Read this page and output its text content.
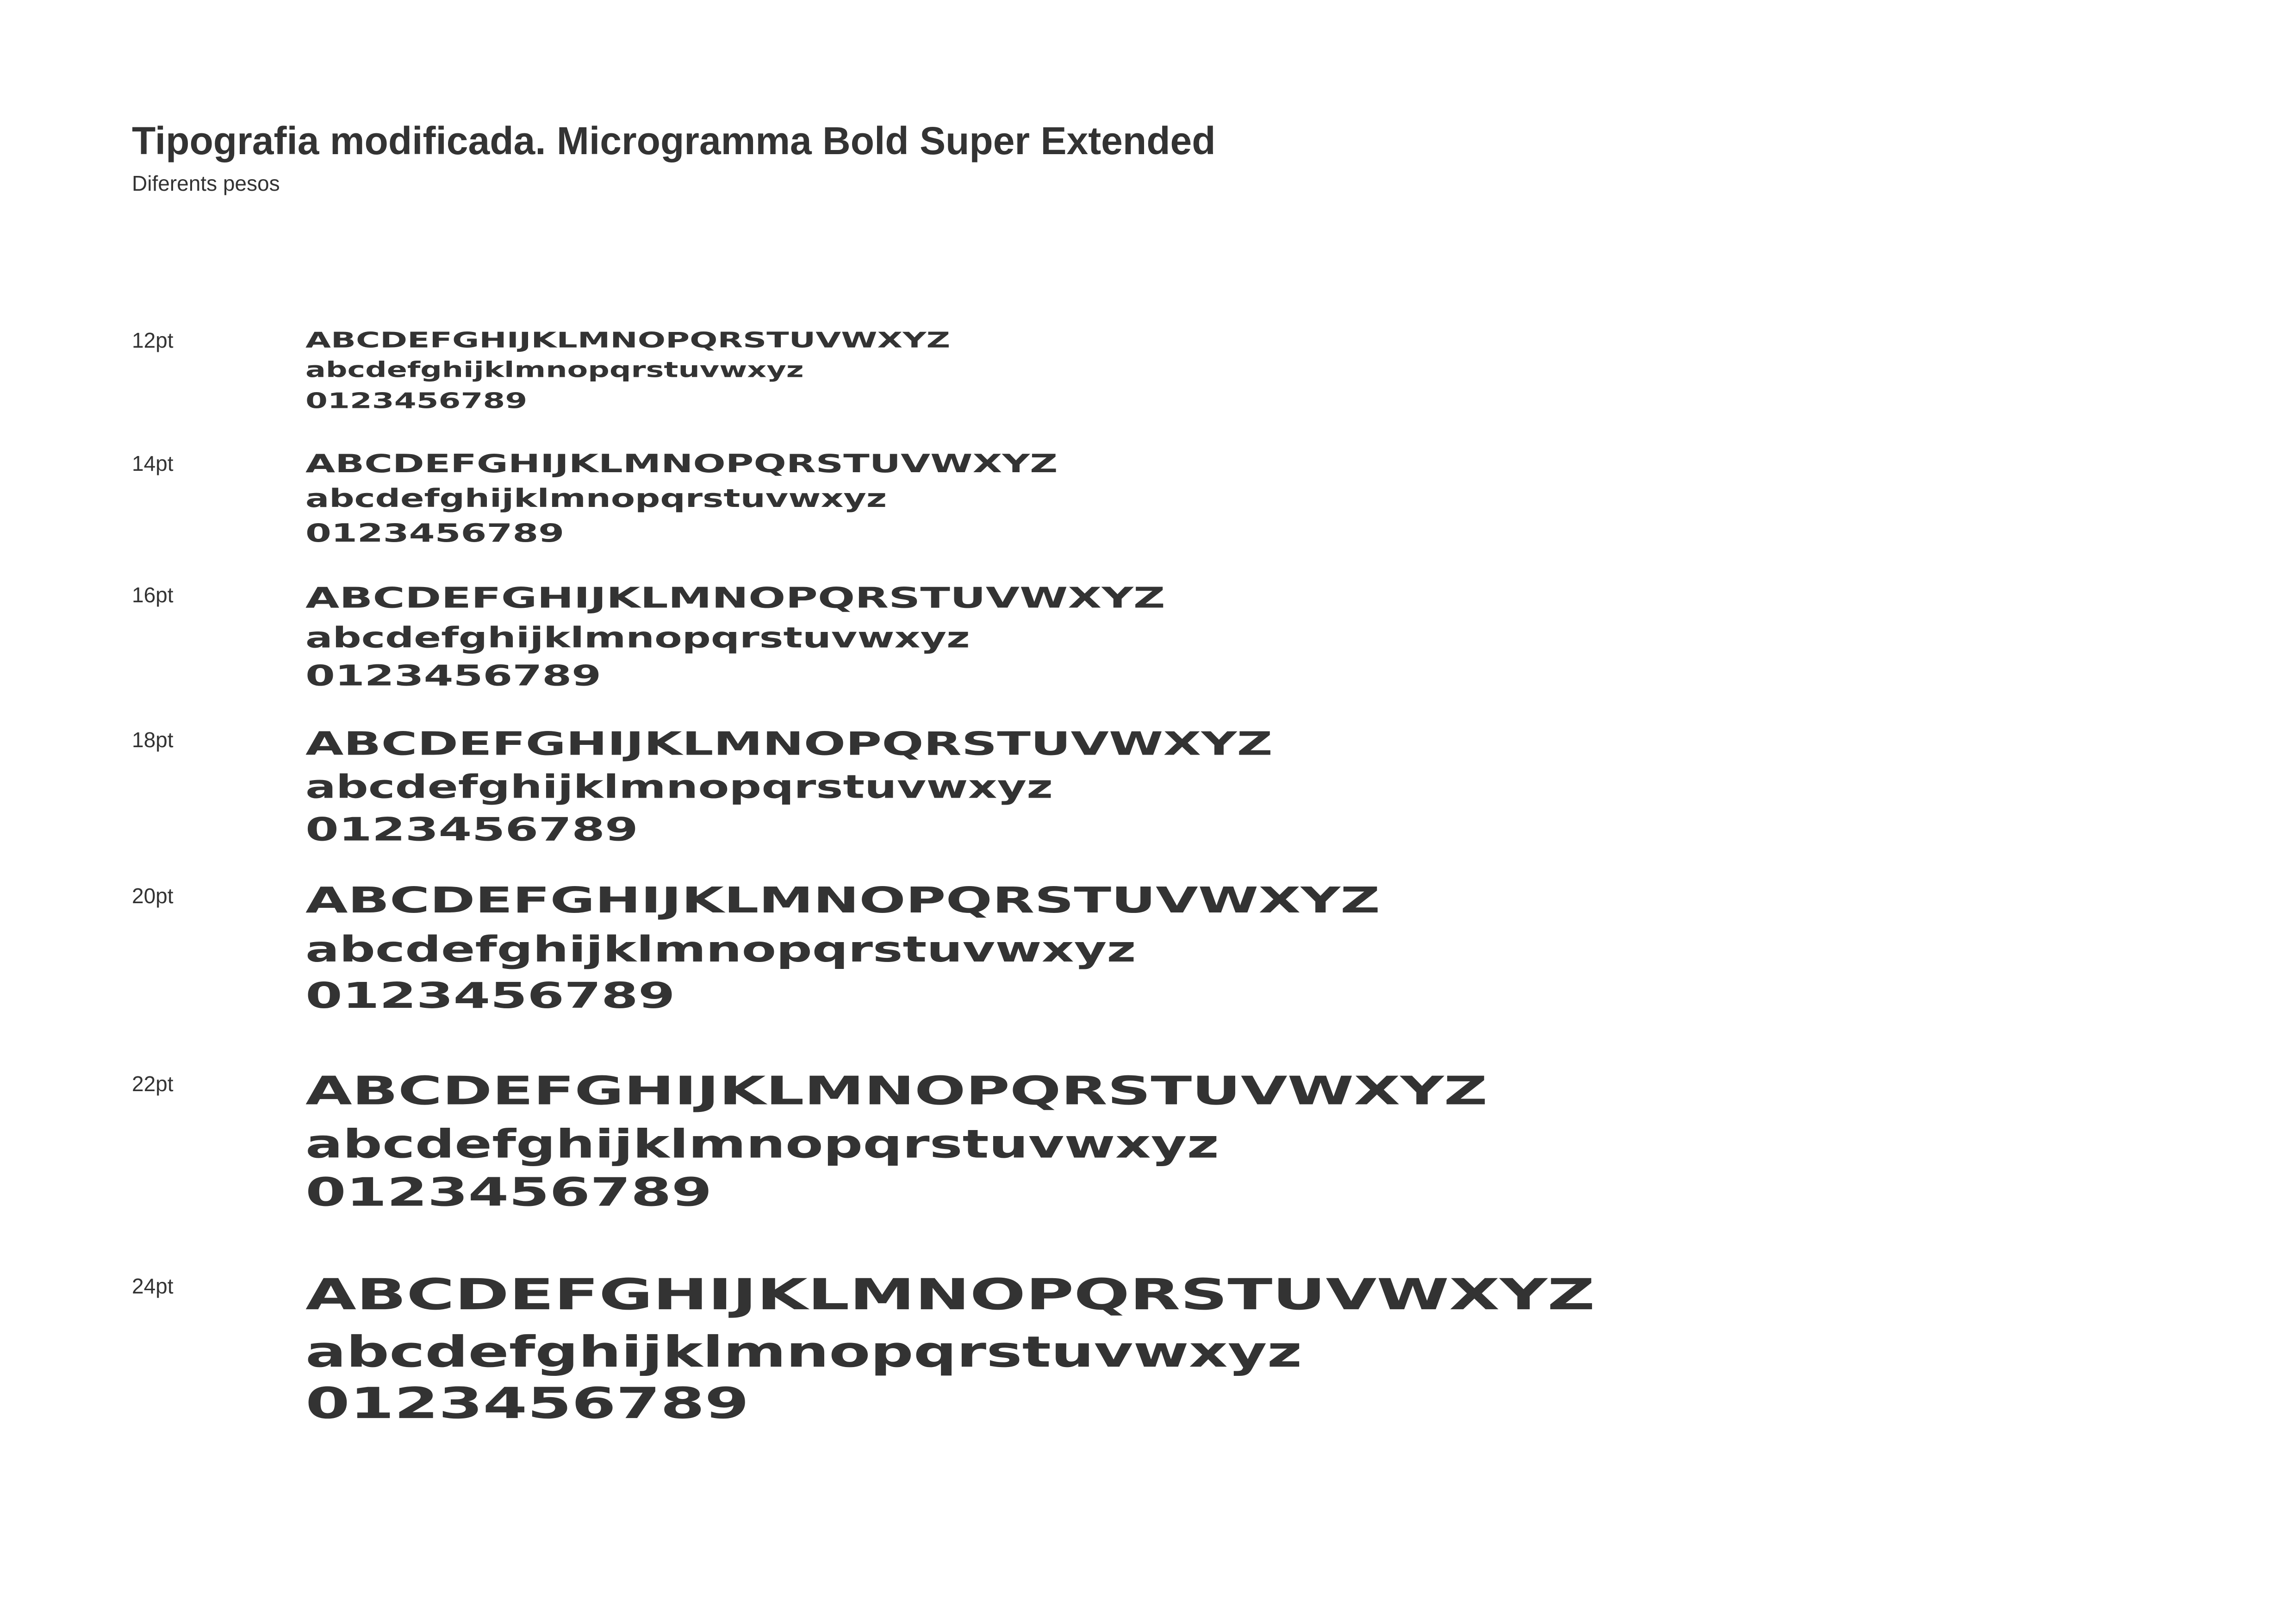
Tipografia modificada. Microgramma Bold Super Extended

Diferents pesos

12pt	ABCDEFGHIJKLMNOPQRSTUVWXYZ

abcdefghijklmnopqrstuvwxyz

0123456789

14pt	ABCDEFGHIJKLMNOPQRSTUVWXYZ

abcdefghijklmnopqrstuvwxyz

0123456789

16pt	ABCDEFGHIJKLMNOPQRSTUVWXYZ

abcdefghijklmnopqrstuvwxyz

0123456789

18pt	ABCDEFGHIJKLMNOPQRSTUVWXYZ

abcdefghijklmnopqrstuvwxyz

0123456789

20pt	ABCDEFGHIJKLMNOPQRSTUVWXYZ

abcdefghijklmnopqrstuvwxyz

0123456789

22pt	ABCDEFGHIJKLMNOPQRSTUVWXYZ

abcdefghijklmnopqrstuvwxyz

0123456789

24pt	ABCDEFGHIJKLMNOPQRSTUVWXYZ

abcdefghijklmnopqrstuvwxyz

0123456789
